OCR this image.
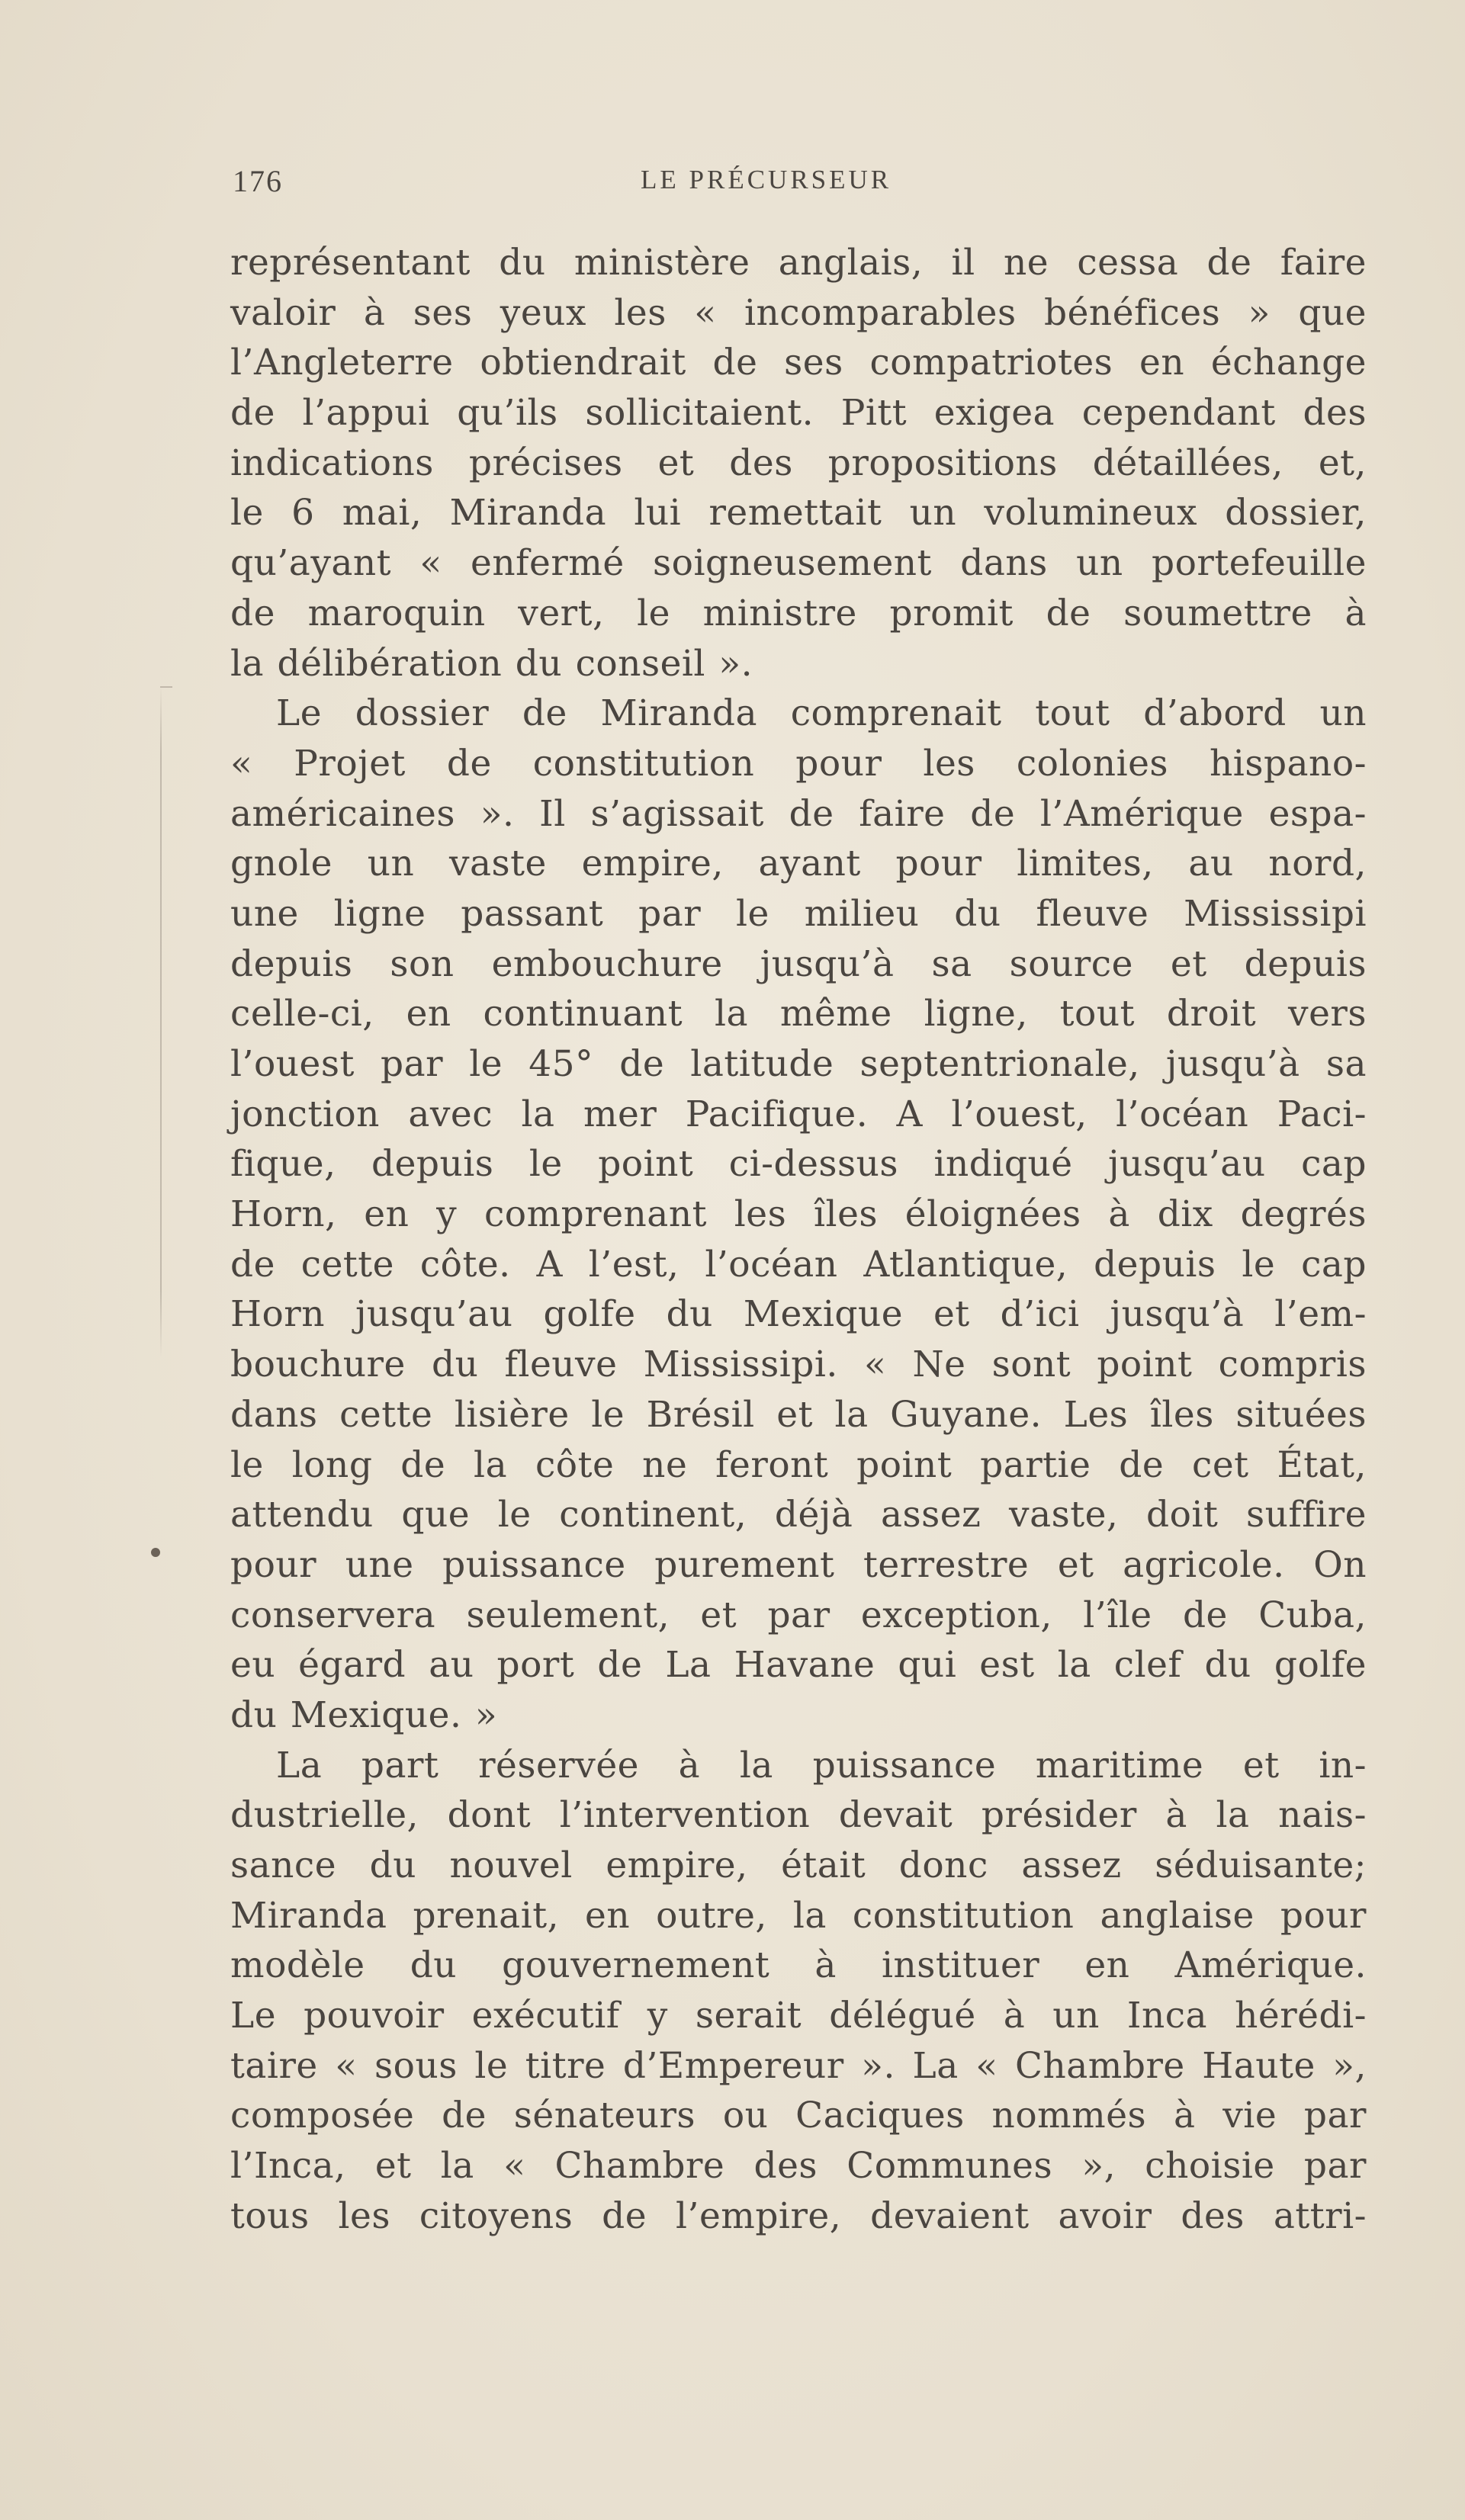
176	LE PRÉCURSEUR
représentant du ministère anglais, il ne cessa de faire
valoir à ses yeux les « incomparables bénéfices » que
l’Angleterre obtiendrait de ses compatriotes en échange
de l’appui qu’ils sollicitaient. Pitt exigea cependant des
indications précises et des propositions détaillées, et,
le 6 mai, Miranda lui remettait un volumineux dossier,
qu’ayant « enfermé soigneusement dans un portefeuille
de maroquin vert, le ministre promit de soumettre à
la délibération du conseil ».
Le dossier de Miranda comprenait tout d’abord un
« Projet de constitution pour les colonies hispano-
américaines ». Il s’agissait de faire de l’Amérique espa-
gnole un vaste empire, ayant pour limites, au nord,
une ligne passant par le milieu du fleuve Mississipi
depuis son embouchure jusqu’à sa source et depuis
celle-ci, en continuant la même ligne, tout droit vers
l’ouest par le 45° de latitude septentrionale, jusqu’à sa
jonction avec la mer Pacifique. A l’ouest, l’océan Paci-
fique, depuis le point ci-dessus indiqué jusqu’au cap
Horn, en y comprenant les îles éloignées à dix degrés
de cette côte. A l’est, l’océan Atlantique, depuis le cap
Horn jusqu’au golfe du Mexique et d’ici jusqu’à l’em-
bouchure du fleuve Mississipi. « Ne sont point compris
dans cette lisière le Brésil et la Guyane. Les îles situées
le long de la côte ne feront point partie de cet État,
attendu que le continent, déjà assez vaste, doit suffire
pour une puissance purement terrestre et agricole. On
conservera seulement, et par exception, l’île de Cuba,
eu égard au port de La Havane qui est la clef du golfe
du Mexique. »
La part réservée à la puissance maritime et in-
dustrielle, dont l’intervention devait présider à la nais-
sance du nouvel empire, était donc assez séduisante;
Miranda prenait, en outre, la constitution anglaise pour
modèle du gouvernement à instituer en Amérique.
Le pouvoir exécutif y serait délégué à un Inca hérédi-
taire « sous le titre d’Empereur ». La « Chambre Haute »,
composée de sénateurs ou Caciques nommés à vie par
l’Inca, et la « Chambre des Communes », choisie par
tous les citoyens de l’empire, devaient avoir des attri-
